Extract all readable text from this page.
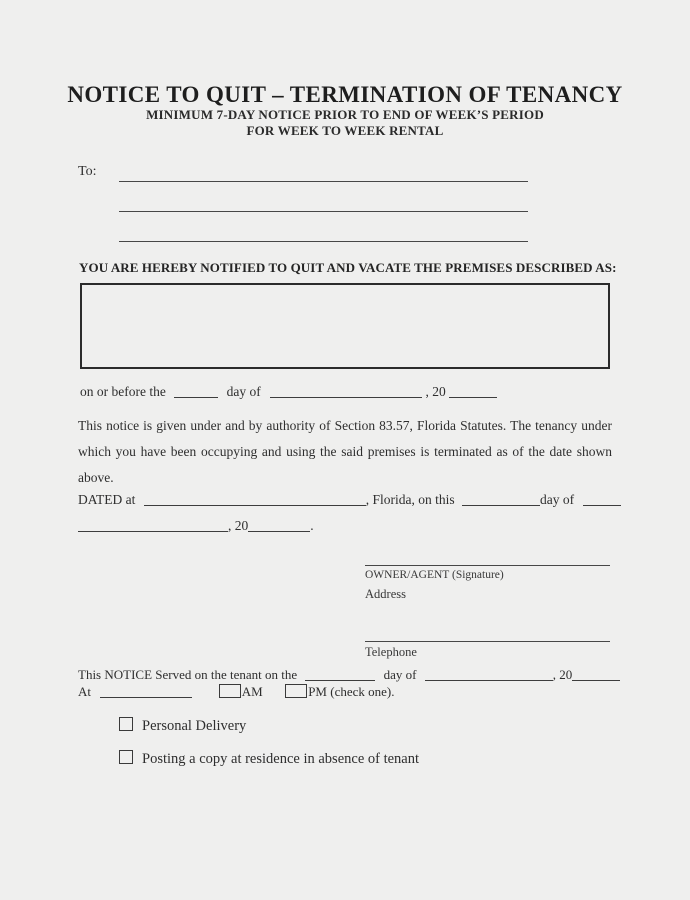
NOTICE TO QUIT – TERMINATION OF TENANCY
MINIMUM 7-DAY NOTICE PRIOR TO END OF WEEK’S PERIOD
FOR WEEK TO WEEK RENTAL
To:
YOU ARE HEREBY NOTIFIED TO QUIT AND VACATE THE PREMISES DESCRIBED AS:
on or before the	day of	, 20
This notice is given under and by authority of Section 83.57, Florida Statutes. The tenancy under which you have been occupying and using the said premises is terminated as of the date shown above.
DATED at	, Florida, on this	day of
, 20	.
OWNER/AGENT (Signature)
Address
Telephone
This NOTICE Served on the tenant on the	day of	, 20
At	AM	PM (check one).
Personal Delivery
Posting a copy at residence in absence of tenant
